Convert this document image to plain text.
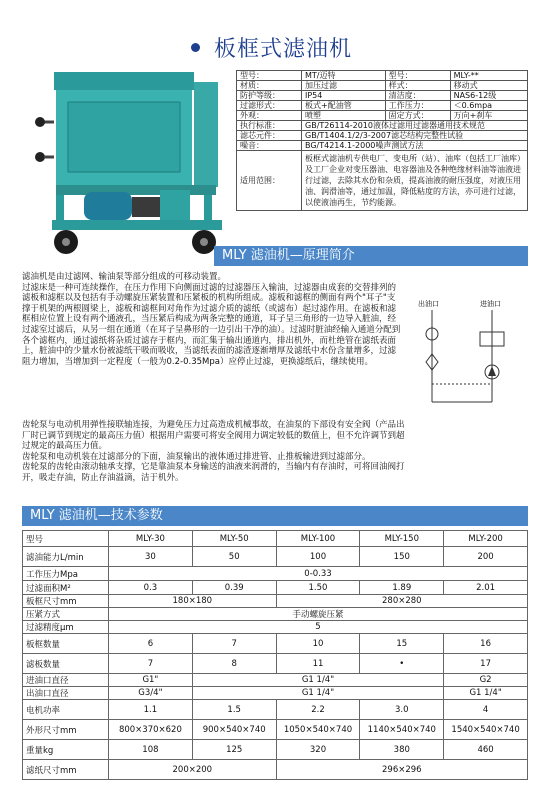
板框式滤油机
型号：	MT/迈特	型号：	MLY-**
材质：	加压过滤	样式：	移动式
防护等级：	IP54	清洁度：	NAS6-12级
过滤形式：	板式+配油管	工作压力：	＜0.6mpa
外观：	喷塑	固定方式：	万向+刹车
执行标准：	GB/T26114-2010液体过滤用过滤器通用技术规范		
滤芯元件：	GB/T1404.1/2/3-2007滤芯结构完整性试验		
噪音：	BG/T4214.1-2000噪声测试方法		
适用范围：	板框式滤油机专供电厂、变电所（站）、油库（包括工厂油库）及工厂企业对变压器油、电容器油及各种绝缘材料油等油液进行过滤，去除其水份和杂质，提高油液的耐压强度，对液压用油、润滑油等，通过加温，降低粘度的方法，亦可进行过滤，以使液油再生，节约能源。		
MLY 滤油机—原理简介

滤油机是由过滤网、输油泵等部分组成的可移动装置。

过滤床是一种可连续操作，在压力作用下向侧面过滤的过滤器压入输油，过滤器由成套的交替排列的滤板和滤框以及包括有手动螺旋压紧装置和压紧板的机构所组成。滤板和滤框的侧面有两个"耳子"支撑于机架的两根圆梁上，滤板和滤框间对角作为过滤介质的滤纸（或滤布）起过滤作用。在滤板和滤框相应位置上设有两个通液孔，当压紧后构成为两条完整的通道，耳子呈三角形的一边导入脏油，经过滤室过滤后，从另一组在通道（在耳子呈鼻形的一边引出干净的油）。过滤时脏油经输入通道分配到各个滤框内，通过滤纸将杂质过滤存于框内，而汇集于输出通道内，排出机外，而杜绝管在滤纸表面上，脏油中的少量水份被滤纸干吸而吸收，当滤纸表面的滤渣逐渐增厚及滤纸中水份含量增多，过滤阻力增加，当增加到一定程度（一般为0.2-0.35Mpa）应停止过滤，更换滤纸后，继续使用。

齿轮泵与电动机用弹性接联轴连接，为避免压力过高造成机械事故，在油泵的下部设有安全阀（产品出厂时已调节到规定的最高压力值）根据用户需要可将安全阀用力调定较低的数值上，但不允许调节到超过规定的最高压力值。

齿轮泵和电动机装在过滤部分的下面，油泵输出的液体通过排进管、止推板输进到过滤部分。

齿轮泵的齿轮由滚动轴承支撑，它是靠油泵本身输送的油液来润滑的，当输内有存油时，可将回油阀打开，吸走存油，防止存油溢滴，洁于机外。

出油口	进油口
MLY 滤油机—技术参数
型号	MLY-30	MLY-50	MLY-100	MLY-150	MLY-200
滤油能力L/min	30	50	100	150	200
工作压力Mpa	0-0.33				
过滤面积M²	0.3	0.39	1.50	1.89	2.01
板框尺寸mm	180×180		280×280		
压紧方式	手动螺旋压紧				
过滤精度μm	5				
板框数量	6	7	10	15	16
滤板数量	7	8	11	•	17
进油口直径	G1"	G1 1/4"			G2
出油口直径	G3/4"	G1 1/4"			G1 1/4"
电机功率	1.1	1.5	2.2	3.0	4
外形尺寸mm	800×370×620	900×540×740	1050×540×740	1140×540×740	1540×540×740
重量kg	108	125	320	380	460
滤纸尺寸mm	200×200		296×296		
